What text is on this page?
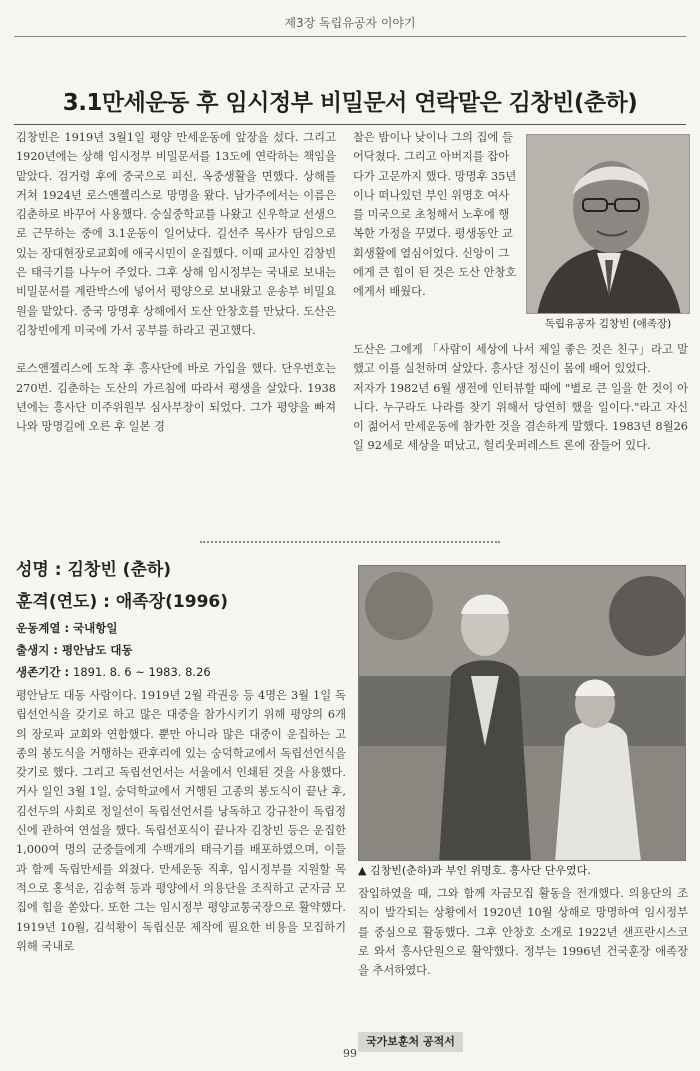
제3장 독립유공자 이야기
3.1만세운동 후 임시정부 비밀문서 연락맡은 김창빈(춘하)

김창빈은 1919년 3월1일 평양 만세운동에 앞장을 섰다. 그리고 1920년에는 상해 임시정부 비밀문서를 13도에 연락하는 책임을 맡았다. 검거령 후에 중국으로 피신, 옥중생활을 면했다. 상해를 거쳐 1924년 로스앤젤리스로 망명을 왔다. 남가주에서는 이름은 김춘하로 바꾸어 사용했다. 숭실중학교를 나왔고 신우학교 선생으로 근무하는 중에 3.1운동이 일어났다. 길선주 목사가 담임으로 있는 장대현장로교회에 애국시민이 운집했다. 이때 교사인 김창빈은 태극기를 나누어 주었다. 그후 상해 임시정부는 국내로 보내는 비밀문서를 계란박스에 넣어서 평양으로 보내왔고 운송부 비밀요원을 맡았다. 중국 망명후 상해에서 도산 안창호를 만났다. 도산은 김창빈에게 미국에 가서 공부를 하라고 권고했다.

로스앤젤리스에 도착 후 흥사단에 바로 가입을 했다. 단우번호는 270번. 김춘하는 도산의 가르침에 따라서 평생을 살았다. 1938년에는 흥사단 미주위원부 심사부장이 되었다. 그가 평양을 빠져나와 망명길에 오른 후 일본 경

찰은 밤이나 낮이나 그의 집에 들어닥쳤다. 그리고 아버지를 잡아다가 고문까지 했다. 망명후 35년이나 떠나있던 부인 위명호 여사를 미국으로 초청해서 노후에 행복한 가정을 꾸몄다. 평생동안 교회생활에 열심이었다. 신앙이 그에게 큰 힘이 된 것은 도산 안창호에게서 배웠다.

독립유공자 김창빈 (애족장)

도산은 그에게 「사람이 세상에 나서 제일 좋은 것은 친구」라고 말했고 이를 실천하며 살았다. 흥사단 정신이 몸에 배어 있었다.

저자가 1982년 6월 생전에 인터뷰할 때에 "별로 큰 일을 한 것이 아니다. 누구라도 나라를 찾기 위해서 당연히 했을 일이다."라고 자신이 젊어서 만세운동에 참가한 것을 겸손하게 말했다. 1983년 8월26일 92세로 세상을 떠났고, 헐리웃퍼레스트 론에 잠들어 있다.

성명 : 김창빈 (춘하)
훈격(연도) : 애족장(1996)
운동계열 : 국내항일
출생지 : 평안남도 대동
생존기간 : 1891. 8. 6 ~ 1983. 8.26

평안남도 대동 사람이다. 1919년 2월 곽권응 등 4명은 3월 1일 독립선언식을 갖기로 하고 많은 대중을 참가시키기 위해 평양의 6개의 장로파 교회와 연합했다. 뿐만 아니라 많은 대중이 운집하는 고종의 봉도식을 거행하는 관후리에 있는 숭덕학교에서 독립선언식을 갖기로 했다. 그리고 독립선언서는 서울에서 인쇄된 것을 사용했다. 거사 일인 3월 1일, 숭덕학교에서 거행된 고종의 봉도식이 끝난 후, 김선두의 사회로 정일선이 독립선언서를 낭독하고 강규찬이 독립정신에 관하여 연설을 했다. 독립선포식이 끝나자 김창빈 등은 운집한 1,000여 명의 군중들에게 수백개의 태극기를 배포하였으며, 이들과 함께 독립만세를 외쳤다. 만세운동 직후, 임시정부를 지원할 목적으로 홍석운, 김송혁 등과 평양에서 의용단을 조직하고 군자금 모집에 힘을 쏟았다. 또한 그는 임시정부 평양교통국장으로 활약했다. 1919년 10월, 김석황이 독립신문 제작에 필요한 비용을 모집하기 위해 국내로

▲ 김창빈(춘하)과 부인 위명호. 흥사단 단우였다.

잠입하였을 때, 그와 함께 자금모집 활동을 전개했다. 의용단의 조직이 발각되는 상황에서 1920년 10월 상해로 망명하여 임시정부를 중심으로 활동했다. 그후 안창호 소개로 1922년 샌프란시스코로 와서 흥사단원으로 활약했다. 정부는 1996년 건국훈장 애족장을 추서하였다.

국가보훈처 공적서
99
